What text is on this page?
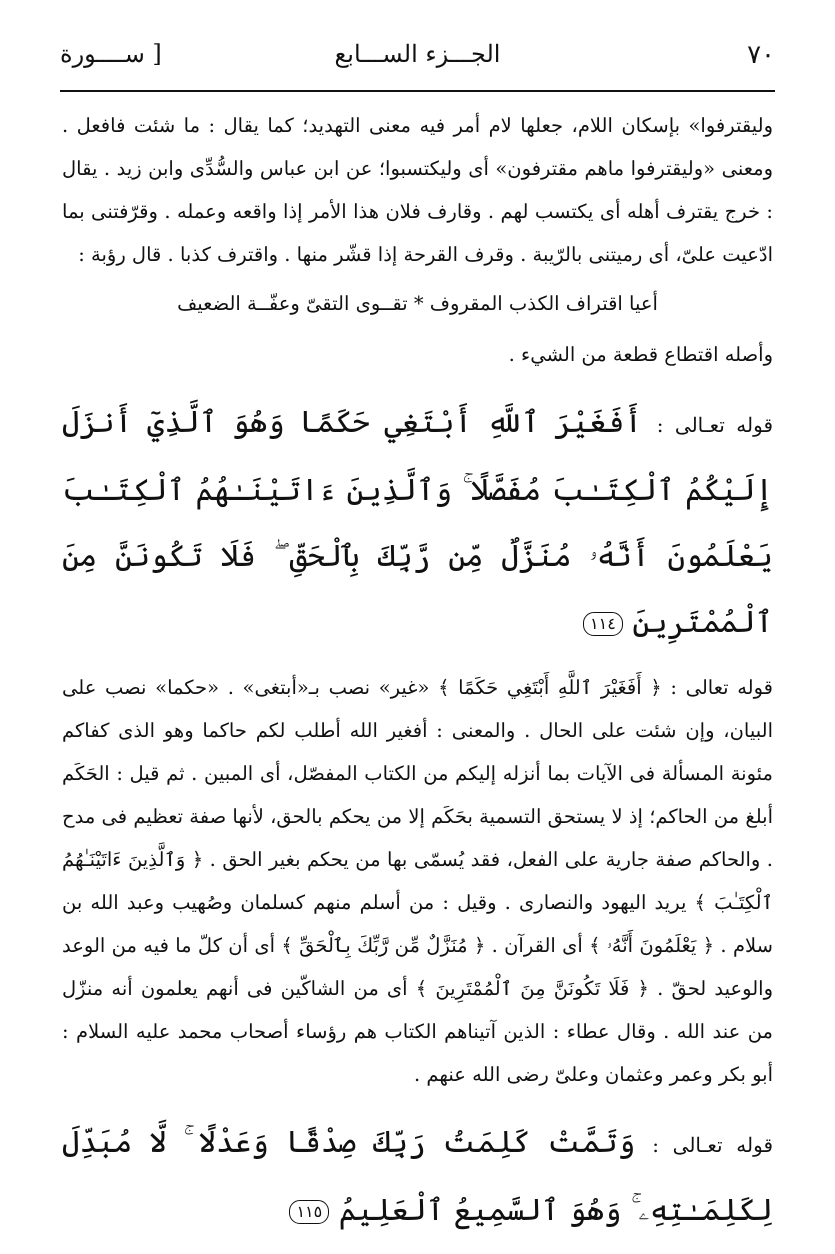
٧٠
الجـــزء الســـابع
[ ســــورة

وليقترفوا» بإسكان اللام، جعلها لام أمر فيه معنى التهديد؛ كما يقال : ما شئت فافعل . ومعنى «وليقترفوا ماهم مقترفون» أى وليكتسبوا؛ عن ابن عباس والسُّدِّى وابن زيد . يقال : خرج يقترف أهله أى يكتسب لهم . وقارف فلان هذا الأمر إذا واقعه وعمله . وقرّفتنى بما ادّعيت علىّ، أى رميتنى بالرّيبة . وقرف القرحة إذا قشّر منها . واقترف كذبا . قال رؤبة :

أعيا اقتراف الكذب المقروف * تقــوى التقىّ وعفّــة الضعيف

وأصله اقتطاع قطعة من الشيء .

قوله تعـالى : أَفَغَيْرَ ٱللَّهِ أَبْتَغِي حَكَمًا وَهُوَ ٱلَّذِيٓ أَنزَلَ إِلَيْكُمُ ٱلْكِتَـٰبَ مُفَصَّلًا ۚ وَٱلَّذِينَ ءَاتَيْنَـٰهُمُ ٱلْكِتَـٰبَ يَعْلَمُونَ أَنَّهُۥ مُنَزَّلٌ مِّن رَّبِّكَ بِٱلْحَقِّ ۖ فَلَا تَكُونَنَّ مِنَ ٱلْمُمْتَرِينَ ١١٤

قوله تعالى : ﴿ أَفَغَيْرَ ٱللَّهِ أَبْتَغِي حَكَمًا ﴾ «غير» نصب بـ«أبتغى» . «حكما» نصب على البيان، وإن شئت على الحال . والمعنى : أفغير الله أطلب لكم حاكما وهو الذى كفاكم مئونة المسألة فى الآيات بما أنزله إليكم من الكتاب المفصّل، أى المبين . ثم قيل : الحَكَم أبلغ من الحاكم؛ إذ لا يستحق التسمية بحَكَم إلا من يحكم بالحق، لأنها صفة تعظيم فى مدح . والحاكم صفة جارية على الفعل، فقد يُسمّى بها من يحكم بغير الحق . ﴿ وَٱلَّذِينَ ءَاتَيْنَـٰهُمُ ٱلْكِتَـٰبَ ﴾ يريد اليهود والنصارى . وقيل : من أسلم منهم كسلمان وصُهيب وعبد الله بن سلام . ﴿ يَعْلَمُونَ أَنَّهُۥ ﴾ أى القرآن . ﴿ مُنَزَّلٌ مِّن رَّبِّكَ بِٱلْحَقِّ ﴾ أى أن كلّ ما فيه من الوعد والوعيد لحقّ . ﴿ فَلَا تَكُونَنَّ مِنَ ٱلْمُمْتَرِينَ ﴾ أى من الشاكّين فى أنهم يعلمون أنه منزّل من عند الله . وقال عطاء : الذين آتيناهم الكتاب هم رؤساء أصحاب محمد عليه السلام : أبو بكر وعمر وعثمان وعلىّ رضى الله عنهم .

قوله تعـالى : وَتَمَّتْ كَلِمَتُ رَبِّكَ صِدْقًا وَعَدْلًا ۚ لَّا مُبَدِّلَ لِكَلِمَـٰتِهِۦ ۚ وَهُوَ ٱلسَّمِيعُ ٱلْعَلِيمُ ١١٥
